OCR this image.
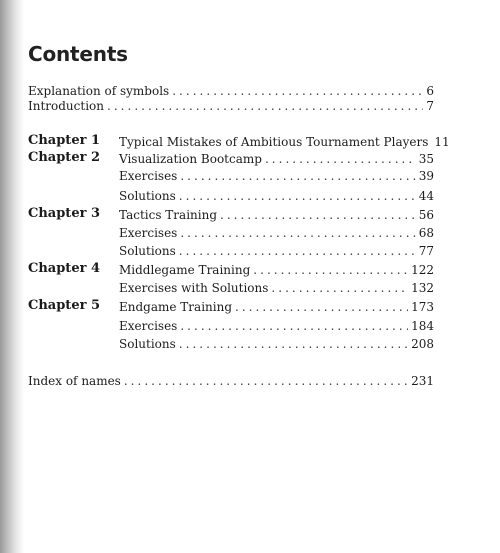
Contents
Explanation of symbols . . .	6
Introduction . . .	7
Chapter 1 Typical Mistakes of Ambitious Tournament Players 11
Chapter 2 Visualization Bootcamp . . .	35
Exercises . . .	39
Solutions . . .	44
Chapter 3 Tactics Training . . .	56
Exercises . . .	68
Solutions . . .	77
Chapter 4 Middlegame Training . . .	122
Exercises with Solutions . . .	132
Chapter 5 Endgame Training . . .	173
Exercises . . .	184
Solutions . . .	208
Index of names . . .	231
